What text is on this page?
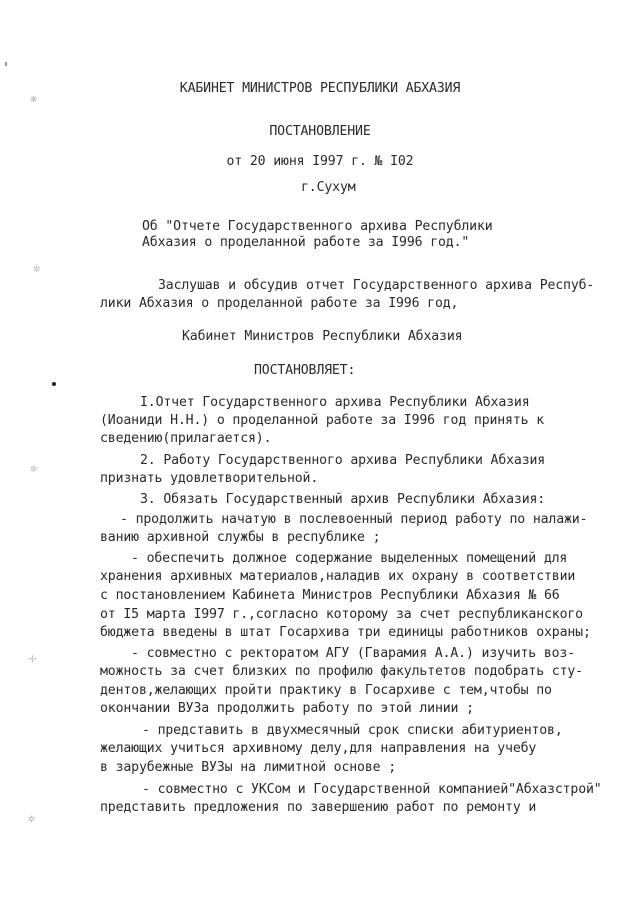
❋
✲
✲
✢
✲
КАБИНЕТ МИНИСТРОВ РЕСПУБЛИКИ АБХАЗИЯ
ПОСТАНОВЛЕНИЕ
от 20 июня I997 г. № I02
г.Сухум
Об "Отчете Государственного архива Республики
Абхазия о проделанной работе за I996 год."
Заслушав и обсудив отчет Государственного архива Респуб-
лики Абхазия о проделанной работе за I996 год,
Кабинет Министров Республики Абхазия
ПОСТАНОВЛЯЕТ:
I.Отчет Государственного архива Республики Абхазия
(Иоаниди Н.Н.) о проделанной работе за I996 год принять к
сведению(прилагается).
2. Работу Государственного архива Республики Абхазия
признать удовлетворительной.
3. Обязать Государственный архив Республики Абхазия:
- продолжить начатую в послевоенный период работу по налажи-
ванию архивной службы в республике ;
- обеспечить должное содержание выделенных помещений для
хранения архивных материалов,наладив их охрану в соответствии
с постановлением Кабинета Министров Республики Абхазия № 66
от I5 марта I997 г.,согласно которому за счет республиканского
бюджета введены в штат Госархива три единицы работников охраны;
- совместно с ректоратом АГУ (Гварамия А.А.) изучить воз-
можность за счет близких по профилю факультетов подобрать сту-
дентов,желающих пройти практику в Госархиве с тем,чтобы по
окончании ВУЗа продолжить работу по этой линии ;
- представить в двухмесячный срок списки абитуриентов,
желающих учиться архивному делу,для направления на учебу
в зарубежные ВУЗы на лимитной основе ;
- совместно с УКСом и Государственной компанией"Абхазстрой"
представить предложения по завершению работ по ремонту и
